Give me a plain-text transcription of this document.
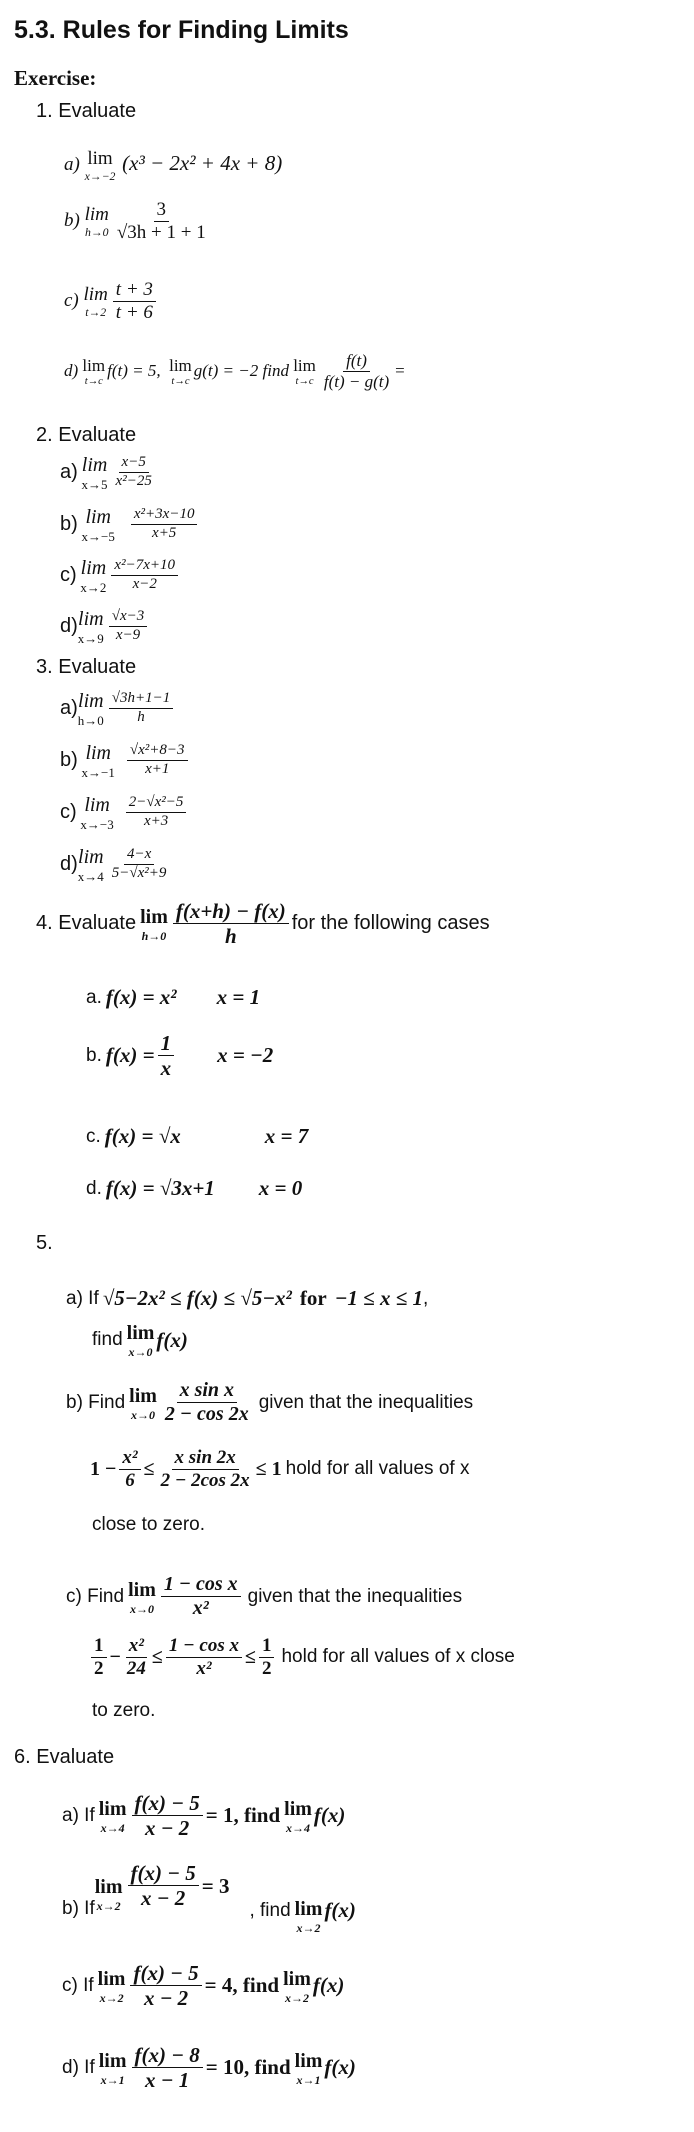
5.3. Rules for Finding Limits
Exercise:
1. Evaluate
a) lim
x→−2
(x³ − 2x² + 4x + 8)
b)
lim
$h\to 0 \frac{3}{√3h + 1 + 1}$
c)
lim
$t\to 2 \frac{t + 3}{t + 6}$
d)
lim
t→c
f(t) = 5,
lim
t→c
g(t) = −2 find
lim
$t\to c \frac{f(t)}{f(t) - g(t)}$ =
2. Evaluate
a)
lim
$x\to 5 \frac{x-5}{\text{x²−25}}$
b)
lim
$x\to-5 \frac{\text{x²+3x−10}}{x+5}$
c)
lim
$x\to 2 \frac{\text{x²−7x+10}}{x-2}$
d) lim
$x\to 9 \frac{√x-3}{x-9}$
3. Evaluate
a) lim
$h\to 0 \frac{√3h+1-1}{h}$
b)
lim
$x\to-1 \frac{\text{√x²+8−3}}{x+1}$
c)
lim
$x\to-3 \frac{\text{2−√x²−5}}{x+3}$
d) lim
$x\to 4 \frac{4-x}{\text{5−√x²+9}}$
4. Evaluate
lim
$h\to 0 \frac{f(x+h) - f(x)}{h}$ for the following cases
a.
f(x) = x² x = 1
b.
$f(x) = \frac{1}{x}$ x = −2
c.
f(x) = √x	x = 7
d.
f(x) = √3x+1 x = 0
5.
a) If
√5−2x² ≤ f(x) ≤ √5−x²
for
−1 ≤ x ≤ 1 ,
find
lim
x→0
f(x)
b) Find
lim
$x\to 0 \frac{\text{x sin x}}{2 - \cos 2x}$
given that the inequalities
$1 - \frac{\text{x²}}{6} \le \frac{\text{x sin 2x}}{2 - 2\cos 2x} \le 1$
hold for all values of x
close to zero.
c) Find
lim
$x\to 0 \frac{\text{1 − cos x}}{\text{x²}}$
given that the inequalities
$\frac{1}{2} - \frac{\text{x²}}{24} \le \frac{\text{1 − cos x}}{\text{x²}} \le \frac{1}{2}$
hold for all values of x close
to zero.
6. Evaluate
a) If
lim
$x\to 4 \frac{f(x) - 5}{x - 2} = 1$, find
lim
x→4
f(x)
b) If
lim
$x\to 2 \frac{f(x) - 5}{x - 2} = 3$
, find
lim
x→2
f(x)
c) If
lim
$x\to 2 \frac{f(x) - 5}{x - 2} = 4$, find
lim
x→2
f(x)
d) If
lim
$x\to 1 \frac{f(x) - 8}{x - 1} = 10$, find
lim
x→1
f(x)
